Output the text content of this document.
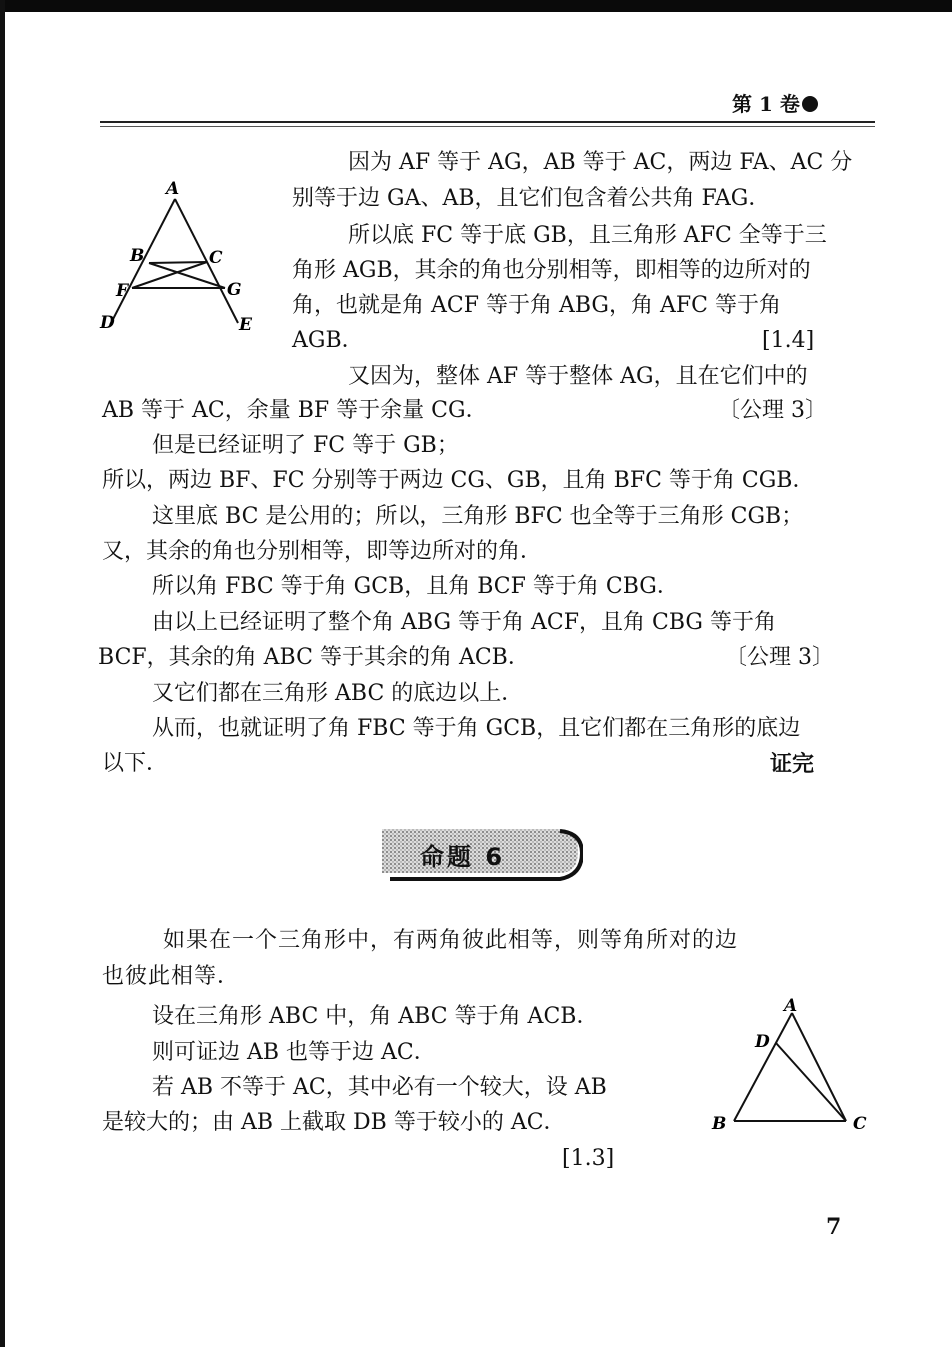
第 1 卷
A
B	C
F	G
D	E
因为 AF 等于 AG，AB 等于 AC，两边 FA、AC 分
别等于边 GA、AB，且它们包含着公共角 FAG．
所以底 FC 等于底 GB，且三角形 AFC 全等于三
角形 AGB，其余的角也分别相等，即相等的边所对的
角，也就是角 ACF 等于角 ABG，角 AFC 等于角
AGB．	[1.4]
又因为，整体 AF 等于整体 AG，且在它们中的
AB 等于 AC，余量 BF 等于余量 CG．	〔公理 3〕
但是已经证明了 FC 等于 GB；
所以，两边 BF、FC 分别等于两边 CG、GB，且角 BFC 等于角 CGB．
这里底 BC 是公用的；所以，三角形 BFC 也全等于三角形 CGB；
又，其余的角也分别相等，即等边所对的角．
所以角 FBC 等于角 GCB，且角 BCF 等于角 CBG．
由以上已经证明了整个角 ABG 等于角 ACF，且角 CBG 等于角
BCF，其余的角 ABC 等于其余的角 ACB．	〔公理 3〕
又它们都在三角形 ABC 的底边以上．
从而，也就证明了角 FBC 等于角 GCB，且它们都在三角形的底边
以下．	证完
命题 6
如果在一个三角形中，有两角彼此相等，则等角所对的边
也彼此相等．
设在三角形 ABC 中，角 ABC 等于角 ACB．
则可证边 AB 也等于边 AC．
若 AB 不等于 AC，其中必有一个较大，设 AB
是较大的；由 AB 上截取 DB 等于较小的 AC．
[1.3]
A
D
B	C
7
